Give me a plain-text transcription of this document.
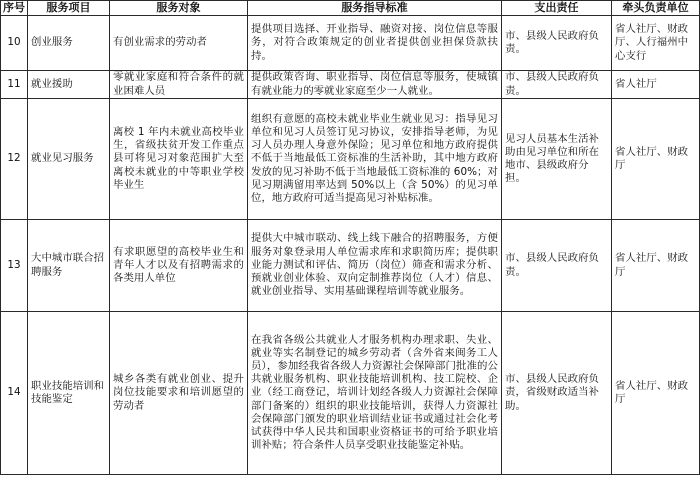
序号	服务项目	服务对象	服务指导标准	支出责任	牵头负责单位
10	创业服务	有创业需求的劳动者	提供项目选择、开业指导、融资对接、岗位信息等服务，对符合政策规定的创业者提供创业担保贷款扶持。	市、县级人民政府负责。	省人社厅、财政厅、人行福州中心支行
11	就业援助	零就业家庭和符合条件的就业困难人员	提供政策咨询、职业指导、岗位信息等服务，使城镇有就业能力的零就业家庭至少一人就业。	市、县级人民政府负责。	省人社厅
12	就业见习服务	离校 1 年内未就业高校毕业生，省级扶贫开发工作重点县可将见习对象范围扩大至离校未就业的中等职业学校毕业生	组织有意愿的高校未就业毕业生就业见习：指导见习单位和见习人员签订见习协议，安排指导老师，为见习人员办理人身意外保险；见习单位和地方政府提供不低于当地最低工资标准的生活补助，其中地方政府发放的见习补助不低于当地最低工资标准的 60%；对见习期满留用率达到 50%以上（含 50%）的见习单位，地方政府可适当提高见习补贴标准。	见习人员基本生活补助由见习单位和所在地市、县级政府分担。	省人社厅、财政厅
13	大中城市联合招聘服务	有求职愿望的高校毕业生和青年人才以及有招聘需求的各类用人单位	提供大中城市联动、线上线下融合的招聘服务，方便服务对象登录用人单位需求库和求职简历库；提供职业能力测试和评估、简历（岗位）筛查和需求分析、预就业创业体验、双向定制推荐岗位（人才）信息、就业创业指导、实用基础课程培训等就业服务。	市、县级人民政府负责。	省人社厅、财政厅
14	职业技能培训和技能鉴定	城乡各类有就业创业、提升岗位技能要求和培训愿望的劳动者	在我省各级公共就业人才服务机构办理求职、失业、就业等实名制登记的城乡劳动者（含外省来闽务工人员），参加经我省各级人力资源社会保障部门批准的公共就业服务机构、职业技能培训机构、技工院校、企业（经工商登记，培训计划经各级人力资源社会保障部门备案的）组织的职业技能培训，获得人力资源社会保障部门颁发的职业培训结业证书或通过社会化考试获得中华人民共和国职业资格证书的可给予职业培训补贴；符合条件人员享受职业技能鉴定补贴。	市、县级人民政府负责，省级财政适当补助。	省人社厅、财政厅
